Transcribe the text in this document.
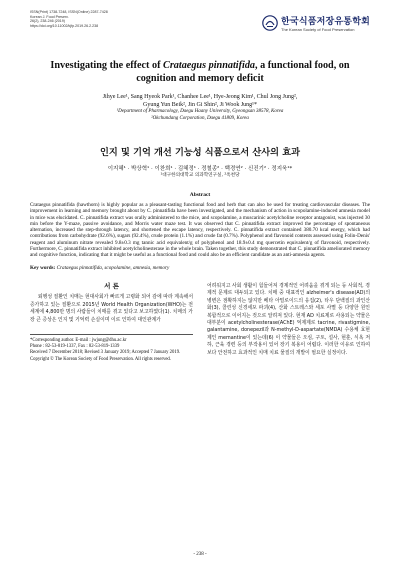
ISSN(Print) 1738-7248, ISSN(Online) 2287-7428
Korean J. Food Preserv.
26(2), 238-246 (2019)
https://doi.org/10.11002/kjfp.2019.26.2.238	한국식품저장유통학회
The Korean Society of Food Preservation
Investigating the effect of Crataegus pinnatifida, a functional food, on cognition and memory deficit
Jihye Lee¹, Sang Hyeok Park¹, Chanhee Lee¹, Hye-Jeong Kim¹, Chul Jong Jung²,
Gyung Yun Beik², Jin Gi Shin², Ji Wook Jung¹*
¹Department of Pharmacology, Daegu Haany University, Gyeongsan 38578, Korea
²Okchundang Corporation, Daegu 41809, Korea
인지 및 기억 개선 기능성 식품으로서 산사의 효과
이지혜¹ · 박상혁¹ · 이찬희¹ · 김혜정¹ · 정철종² · 백경연² · 신진기² · 정지욱¹*
¹대구한의대학교 의과학연구실, ²옥천당
Abstract
Crataegus pinnatifida (hawthorn) is highly popular as a pleasant-tasting functional food and herb that can also be used for treating cardiovascular diseases. The improvement in learning and memory brought about by C. pinnatifida have been investigated, and the mechanism of action in scopolamine-induced amnesia model in mice was elucidated. C. pinnatifida extract was orally administered to the mice, and scopolamine, a muscarinic acetylcholine receptor antagonist, was injected 30 min before the Y-maze, passive avoidance, and Morris water maze test. It was observed that C. pinnatifida extract improved the percentage of spontaneous alternation, increased the step-through latency, and shortened the escape latency, respectively. C. pinnatifida extract contained 380.70 kcal energy, which had contributions from carbohydrate (92.6%), sugars (92.4%), crude protein (1.1%) and crude fat (0.7%). Polyphenol and flavonoid contents assessed using Folin-Denis' reagent and aluminum nitrate revealed 9.8±0.3 mg tannic acid equivalent/g of polyphenol and 18.9±0.4 mg quercetin equivalent/g of flavonoid, respectively. Furthermore, C. pinnatifida extract inhibited acetylcholinesterase in the whole brain. Taken together, this study demonstrated that C. pinnatifida ameliorated memory and cognitive function, indicating that it might be useful as a functional food and could also be an efficient candidate as an anti-amnesia agents.
Key words: Crataegus pinnatifida, scopolamine, amnesia, memory
서 론
퇴행성 질환인 치매는 현대사회가 빠르게 고령화 되어 감에 따라 계속해서 증가하고 있는 질환으로 2015년 World Health Organization(WHO)는 전세계에 4,800만 명의 사람들이 치매를 겪고 있다고 보고하였다(1). 치매의 가장 큰 증상은 인지 및 기억력 손실이며 이로 인하여 대인관계가
*Corresponding author. E-mail : jwjung@dhu.ac.kr
Phone : 82-53-819-1337, Fax : 82-53-819-1339
Received 7 December 2018; Revised 3 January 2019; Accepted 7 January 2019.
Copyright © The Korean Society of Food Preservation. All rights reserved.
어려워지고 사회 생활이 힘들어져 경제적인 어려움을 겪게 되는 등 사회적, 경제적 문제로 대두되고 있다. 치매 중 대표적인 alzheimer's disease(AD)의 병변은 점확하지는 않지만 베타 아밀로이드의 응집(2), 타우 단백질의 과인산화(3), 콜린성 신경세포 파괴(4), 산화 스트레스와 세포 사멸 등 다양한 원인 복합적으로 이어지는 것으로 알려져 있다. 현재 AD 치료제로 사용되는 약물은 대부분이 acetylcholinesterase(AChE) 억제제로 tacrine, rivastigmine, galantamine, donepezil과 N-methyl-D-aspartate(NMDA) 수용체 효현제인 memantine이 있는데(6) 이 약물들은 오심, 구토, 설사, 현훈, 식욕 저하, 근육 경련 등의 부작용이 있어 장기 복용이 어렵다. 이러한 이유로 인하여 보다 안전하고 효과적인 치매 치료 물질의 개발이 필요한 실정이다.
- 238 -
